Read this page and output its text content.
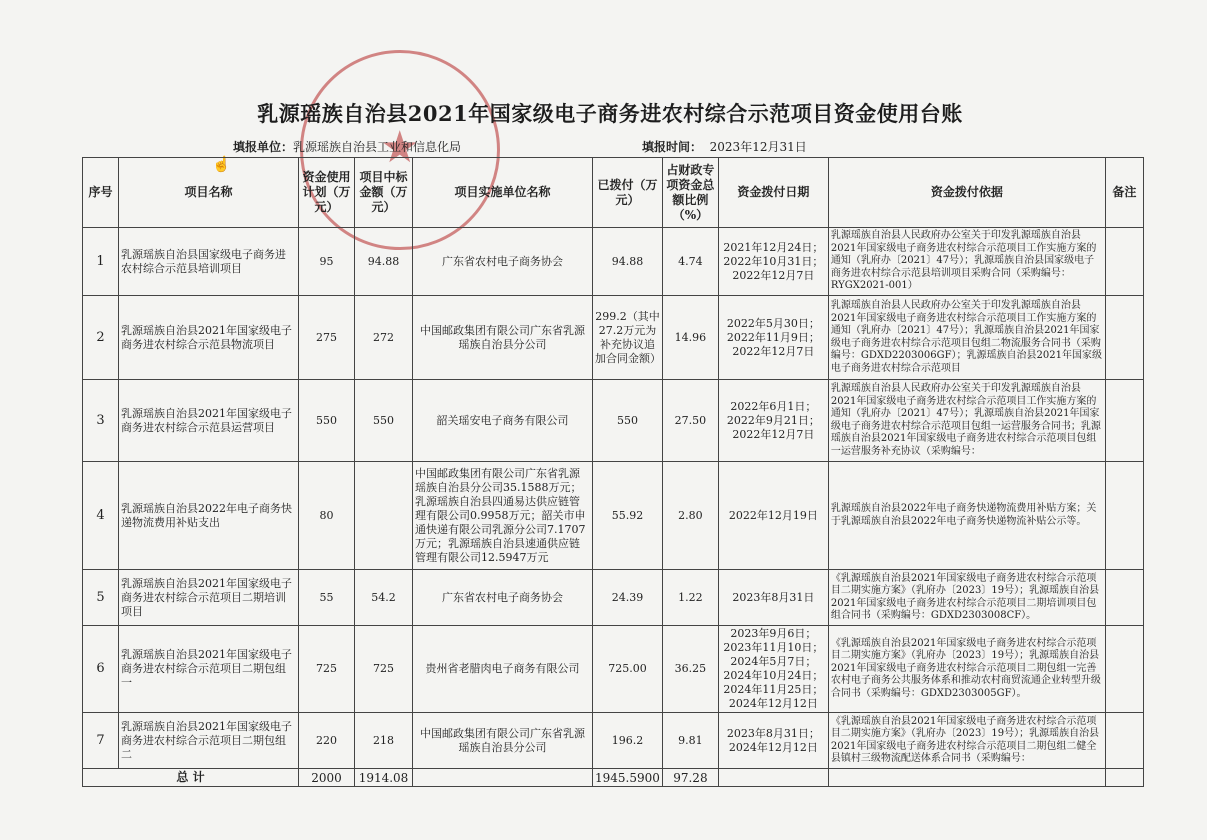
★
乳源瑶族自治县2021年国家级电子商务进农村综合示范项目资金使用台账
填报单位：乳源瑶族自治县工业和信息化局	填报时间： 2023年12月31日
☝
序号	项目名称	资金使用计划（万元）	项目中标金额（万元）	项目实施单位名称	已拨付（万元）	占财政专项资金总额比例（%）	资金拨付日期	资金拨付依据	备注
1	乳源瑶族自治县国家级电子商务进农村综合示范县培训项目	95	94.88	广东省农村电子商务协会	94.88	4.74	2021年12月24日；2022年10月31日；2022年12月7日	乳源瑶族自治县人民政府办公室关于印发乳源瑶族自治县2021年国家级电子商务进农村综合示范项目工作实施方案的通知（乳府办〔2021〕47号）；乳源瑶族自治县国家级电子商务进农村综合示范县培训项目采购合同（采购编号：RYGX2021-001）	
2	乳源瑶族自治县2021年国家级电子商务进农村综合示范县物流项目	275	272	中国邮政集团有限公司广东省乳源瑶族自治县分公司	299.2（其中27.2万元为补充协议追加合同金额）	14.96	2022年5月30日；2022年11月9日；2022年12月7日	乳源瑶族自治县人民政府办公室关于印发乳源瑶族自治县2021年国家级电子商务进农村综合示范项目工作实施方案的通知（乳府办〔2021〕47号）；乳源瑶族自治县2021年国家级电子商务进农村综合示范项目包组二物流服务合同书（采购编号：GDXD2203006GF）；乳源瑶族自治县2021年国家级电子商务进农村综合示范项目	
3	乳源瑶族自治县2021年国家级电子商务进农村综合示范县运营项目	550	550	韶关瑶安电子商务有限公司	550	27.50	2022年6月1日；2022年9月21日；2022年12月7日	乳源瑶族自治县人民政府办公室关于印发乳源瑶族自治县2021年国家级电子商务进农村综合示范项目工作实施方案的通知（乳府办〔2021〕47号）；乳源瑶族自治县2021年国家级电子商务进农村综合示范项目包组一运营服务合同书；乳源瑶族自治县2021年国家级电子商务进农村综合示范项目包组一运营服务补充协议（采购编号：	
4	乳源瑶族自治县2022年电子商务快递物流费用补贴支出	80		中国邮政集团有限公司广东省乳源瑶族自治县分公司35.1588万元；乳源瑶族自治县四通易达供应链管理有限公司0.9958万元；韶关市申通快递有限公司乳源分公司7.1707万元；乳源瑶族自治县速通供应链管理有限公司12.5947万元	55.92	2.80	2022年12月19日	乳源瑶族自治县2022年电子商务快递物流费用补贴方案；关于乳源瑶族自治县2022年电子商务快递物流补贴公示等。	
5	乳源瑶族自治县2021年国家级电子商务进农村综合示范项目二期培训项目	55	54.2	广东省农村电子商务协会	24.39	1.22	2023年8月31日	《乳源瑶族自治县2021年国家级电子商务进农村综合示范项目二期实施方案》（乳府办〔2023〕19号）；乳源瑶族自治县2021年国家级电子商务进农村综合示范项目二期培训项目包组合同书（采购编号：GDXD2303008CF）。	
6	乳源瑶族自治县2021年国家级电子商务进农村综合示范项目二期包组一	725	725	贵州省老腊肉电子商务有限公司	725.00	36.25	2023年9月6日；2023年11月10日；2024年5月7日；2024年10月24日；2024年11月25日；2024年12月12日	《乳源瑶族自治县2021年国家级电子商务进农村综合示范项目二期实施方案》（乳府办〔2023〕19号）；乳源瑶族自治县2021年国家级电子商务进农村综合示范项目二期包组一完善农村电子商务公共服务体系和推动农村商贸流通企业转型升级合同书（采购编号：GDXD2303005GF）。	
7	乳源瑶族自治县2021年国家级电子商务进农村综合示范项目二期包组二	220	218	中国邮政集团有限公司广东省乳源瑶族自治县分公司	196.2	9.81	2023年8月31日；2024年12月12日	《乳源瑶族自治县2021年国家级电子商务进农村综合示范项目二期实施方案》（乳府办〔2023〕19号）；乳源瑶族自治县2021年国家级电子商务进农村综合示范项目二期包组二健全县镇村三级物流配送体系合同书（采购编号：	
总 计		2000	1914.08		1945.5900	97.28			
